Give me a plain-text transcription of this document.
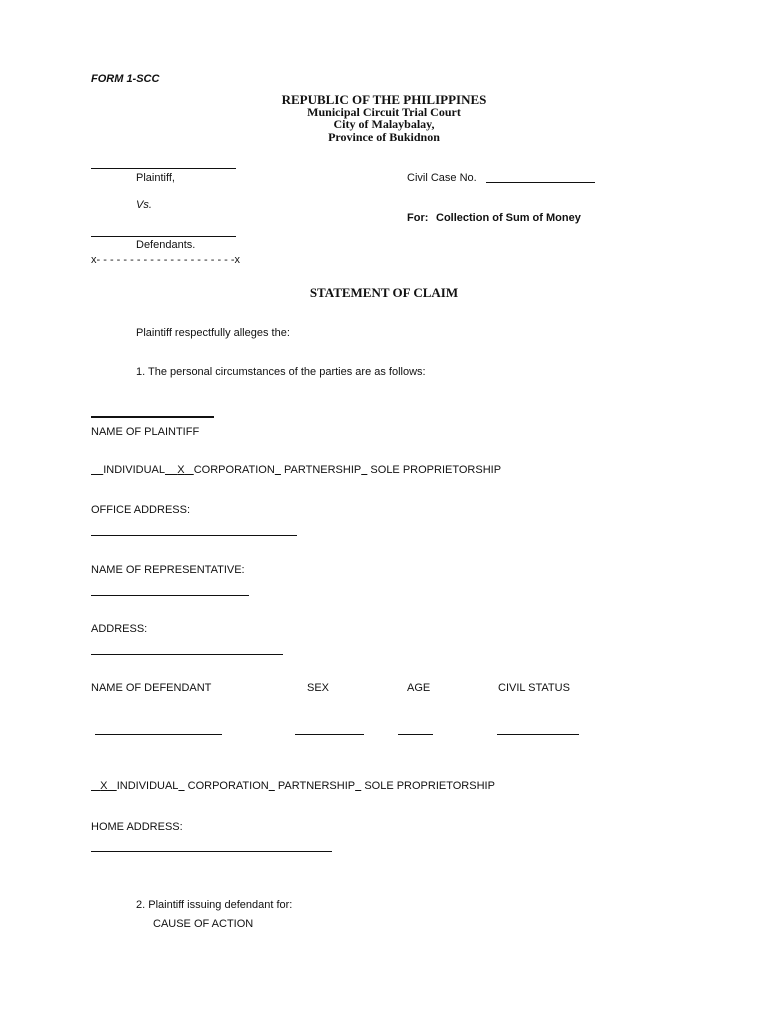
FORM 1-SCC
REPUBLIC OF THE PHILIPPINES
Municipal Circuit Trial Court
City of Malaybalay,
Province of Bukidnon
Plaintiff,
Vs.
Defendants.
x- - - - - - - - - - - - - - - - - - - - -x
Civil Case No.
For: Collection of Sum of Money
STATEMENT OF CLAIM
Plaintiff respectfully alleges the:
1. The personal circumstances of the parties are as follows:
NAME OF PLAINTIFF
INDIVIDUAL X CORPORATION PARTNERSHIP SOLE PROPRIETORSHIP
OFFICE ADDRESS:
NAME OF REPRESENTATIVE:
ADDRESS:
NAME OF DEFENDANT	SEX	AGE	CIVIL STATUS
X INDIVIDUAL CORPORATION PARTNERSHIP SOLE PROPRIETORSHIP
HOME ADDRESS:
2. Plaintiff issuing defendant for:
CAUSE OF ACTION
